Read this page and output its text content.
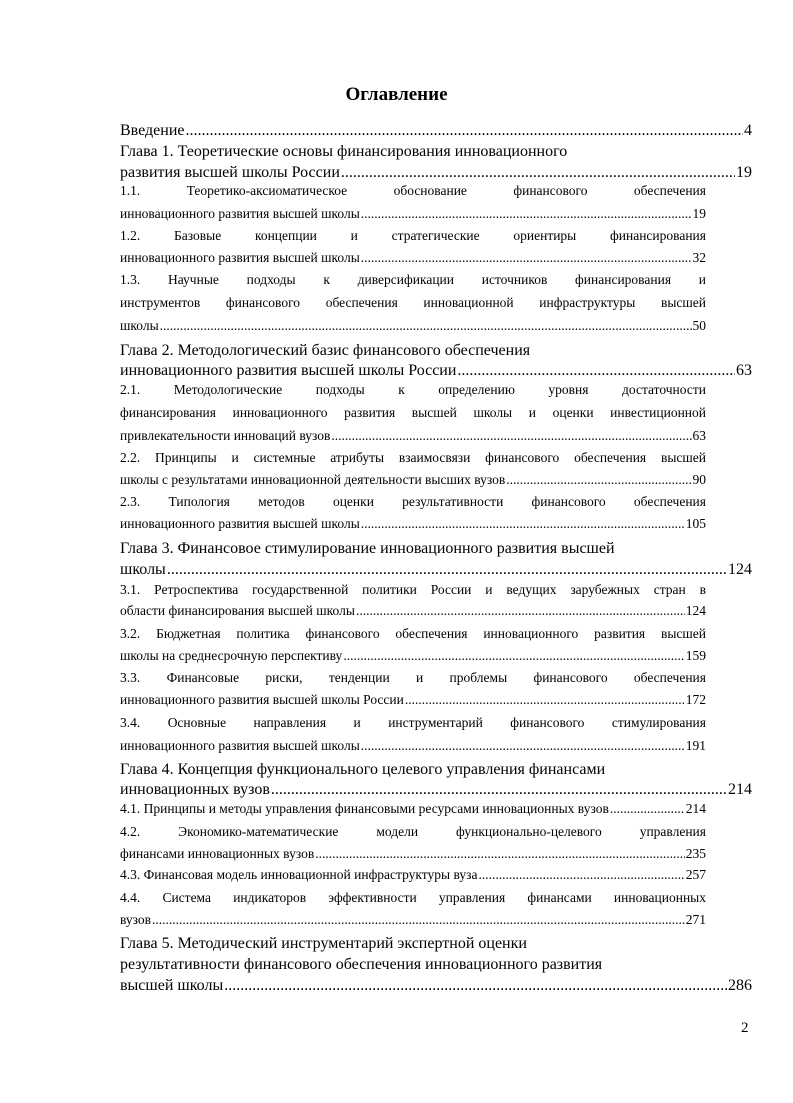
Оглавление
Введение .....	4
Глава 1. Теоретические основы финансирования инновационного
развития высшей школы России .....	19
1.1. Теоретико-аксиоматическое обоснование финансового обеспечения
инновационного развития высшей школы .....	19
1.2. Базовые концепции и стратегические ориентиры финансирования
инновационного развития высшей школы .....	32
1.3. Научные подходы к диверсификации источников финансирования и
инструментов финансового обеспечения инновационной инфраструктуры высшей
школы .....	50
Глава 2. Методологический базис финансового обеспечения
инновационного развития высшей школы России .....	63
2.1. Методологические подходы к определению уровня достаточности
финансирования инновационного развития высшей школы и оценки инвестиционной
привлекательности инноваций вузов .....	63
2.2. Принципы и системные атрибуты взаимосвязи финансового обеспечения высшей
школы с результатами инновационной деятельности высших вузов .....	90
2.3. Типология методов оценки результативности финансового обеспечения
инновационного развития высшей школы .....	105
Глава 3. Финансовое стимулирование инновационного развития высшей
школы .....	124
3.1. Ретроспектива государственной политики России и ведущих зарубежных стран в
области финансирования высшей школы .....	124
3.2. Бюджетная политика финансового обеспечения инновационного развития высшей
школы на среднесрочную перспективу .....	159
3.3. Финансовые риски, тенденции и проблемы финансового обеспечения
инновационного развития высшей школы России .....	172
3.4. Основные направления и инструментарий финансового стимулирования
инновационного развития высшей школы .....	191
Глава 4. Концепция функционального целевого управления финансами
инновационных вузов .....	214
4.1. Принципы и методы управления финансовыми ресурсами инновационных вузов .....	214
4.2. Экономико-математические модели функционально-целевого управления
финансами инновационных вузов .....	235
4.3. Финансовая модель инновационной инфраструктуры вуза .....	257
4.4. Система индикаторов эффективности управления финансами инновационных
вузов .....	271
Глава 5. Методический инструментарий экспертной оценки
результативности финансового обеспечения инновационного развития
высшей школы .....	286
2
